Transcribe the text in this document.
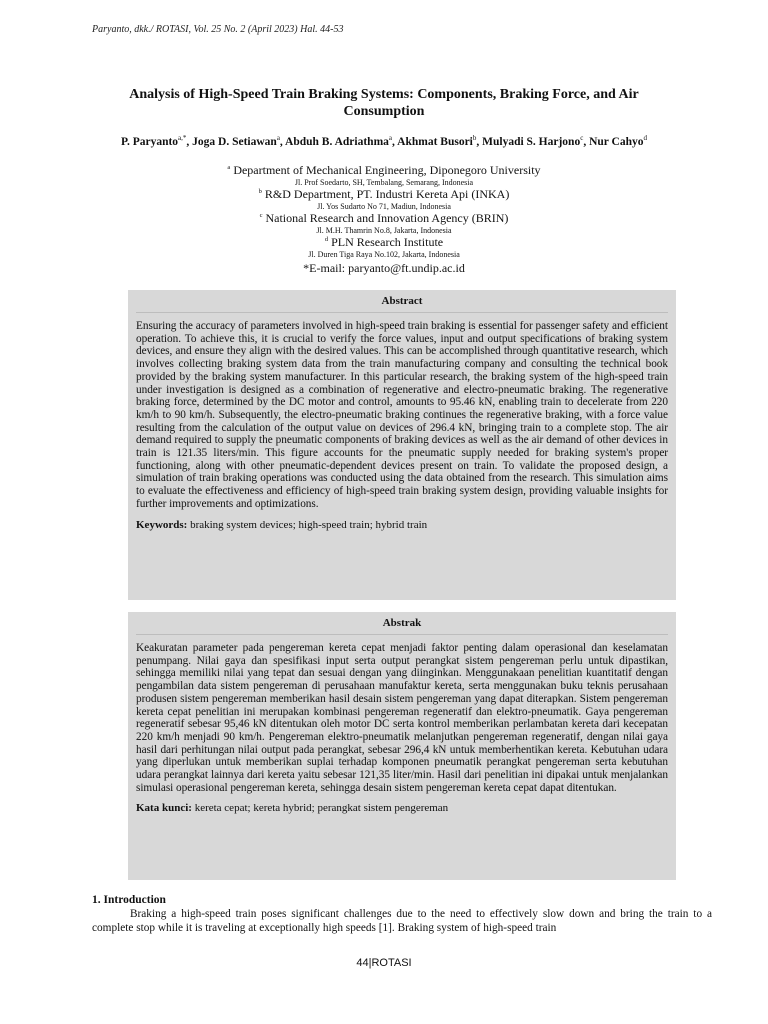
Paryanto, dkk./ ROTASI, Vol. 25 No. 2 (April 2023) Hal. 44-53
Analysis of High-Speed Train Braking Systems: Components, Braking Force, and Air Consumption
P. Paryanto$^{a,*}$, Joga D. Setiawan$^a$, Abduh B. Adriathma$^a$, Akhmat Busori$^b$, Mulyadi S. Harjono$^c$, Nur Cahyo$^d$
$^a$ Department of Mechanical Engineering, Diponegoro University
Jl. Prof Soedarto, SH, Tembalang, Semarang, Indonesia
$^b$ R&D Department, PT. Industri Kereta Api (INKA)
Jl. Yos Sudarto No 71, Madiun, Indonesia
$^c$ National Research and Innovation Agency (BRIN)
Jl. M.H. Thamrin No.8, Jakarta, Indonesia
$^d$ PLN Research Institute
Jl. Duren Tiga Raya No.102, Jakarta, Indonesia
*E-mail: paryanto@ft.undip.ac.id
Abstract
Ensuring the accuracy of parameters involved in high-speed train braking is essential for passenger safety and efficient operation. To achieve this, it is crucial to verify the force values, input and output specifications of braking system devices, and ensure they align with the desired values. This can be accomplished through quantitative research, which involves collecting braking system data from the train manufacturing company and consulting the technical book provided by the braking system manufacturer. In this particular research, the braking system of the high-speed train under investigation is designed as a combination of regenerative and electro-pneumatic braking. The regenerative braking force, determined by the DC motor and control, amounts to 95.46 kN, enabling train to decelerate from 220 km/h to 90 km/h. Subsequently, the electro-pneumatic braking continues the regenerative braking, with a force value resulting from the calculation of the output value on devices of 296.4 kN, bringing train to a complete stop. The air demand required to supply the pneumatic components of braking devices as well as the air demand of other devices in train is 121.35 liters/min. This figure accounts for the pneumatic supply needed for braking system's proper functioning, along with other pneumatic-dependent devices present on train. To validate the proposed design, a simulation of train braking operations was conducted using the data obtained from the research. This simulation aims to evaluate the effectiveness and efficiency of high-speed train braking system design, providing valuable insights for further improvements and optimizations.
Keywords: braking system devices; high-speed train; hybrid train
Abstrak
Keakuratan parameter pada pengereman kereta cepat menjadi faktor penting dalam operasional dan keselamatan penumpang. Nilai gaya dan spesifikasi input serta output perangkat sistem pengereman perlu untuk dipastikan, sehingga memiliki nilai yang tepat dan sesuai dengan yang diinginkan. Menggunakaan penelitian kuantitatif dengan pengambilan data sistem pengereman di perusahaan manufaktur kereta, serta menggunakan buku teknis perusahaan produsen sistem pengereman memberikan hasil desain sistem pengereman yang dapat diterapkan. Sistem pengereman kereta cepat penelitian ini merupakan kombinasi pengereman regeneratif dan elektro-pneumatik. Gaya pengereman regeneratif sebesar 95,46 kN ditentukan oleh motor DC serta kontrol memberikan perlambatan kereta dari kecepatan 220 km/h menjadi 90 km/h. Pengereman elektro-pneumatik melanjutkan pengereman regeneratif, dengan nilai gaya hasil dari perhitungan nilai output pada perangkat, sebesar 296,4 kN untuk memberhentikan kereta. Kebutuhan udara yang diperlukan untuk memberikan suplai terhadap komponen pneumatik perangkat pengereman serta kebutuhan udara perangkat lainnya dari kereta yaitu sebesar 121,35 liter/min. Hasil dari penelitian ini dipakai untuk menjalankan simulasi operasional pengereman kereta, sehingga desain sistem pengereman kereta cepat dapat ditentukan.
Kata kunci: kereta cepat; kereta hybrid; perangkat sistem pengereman
1. Introduction
Braking a high-speed train poses significant challenges due to the need to effectively slow down and bring the train to a complete stop while it is traveling at exceptionally high speeds [1]. Braking system of high-speed train
44|ROTASI
